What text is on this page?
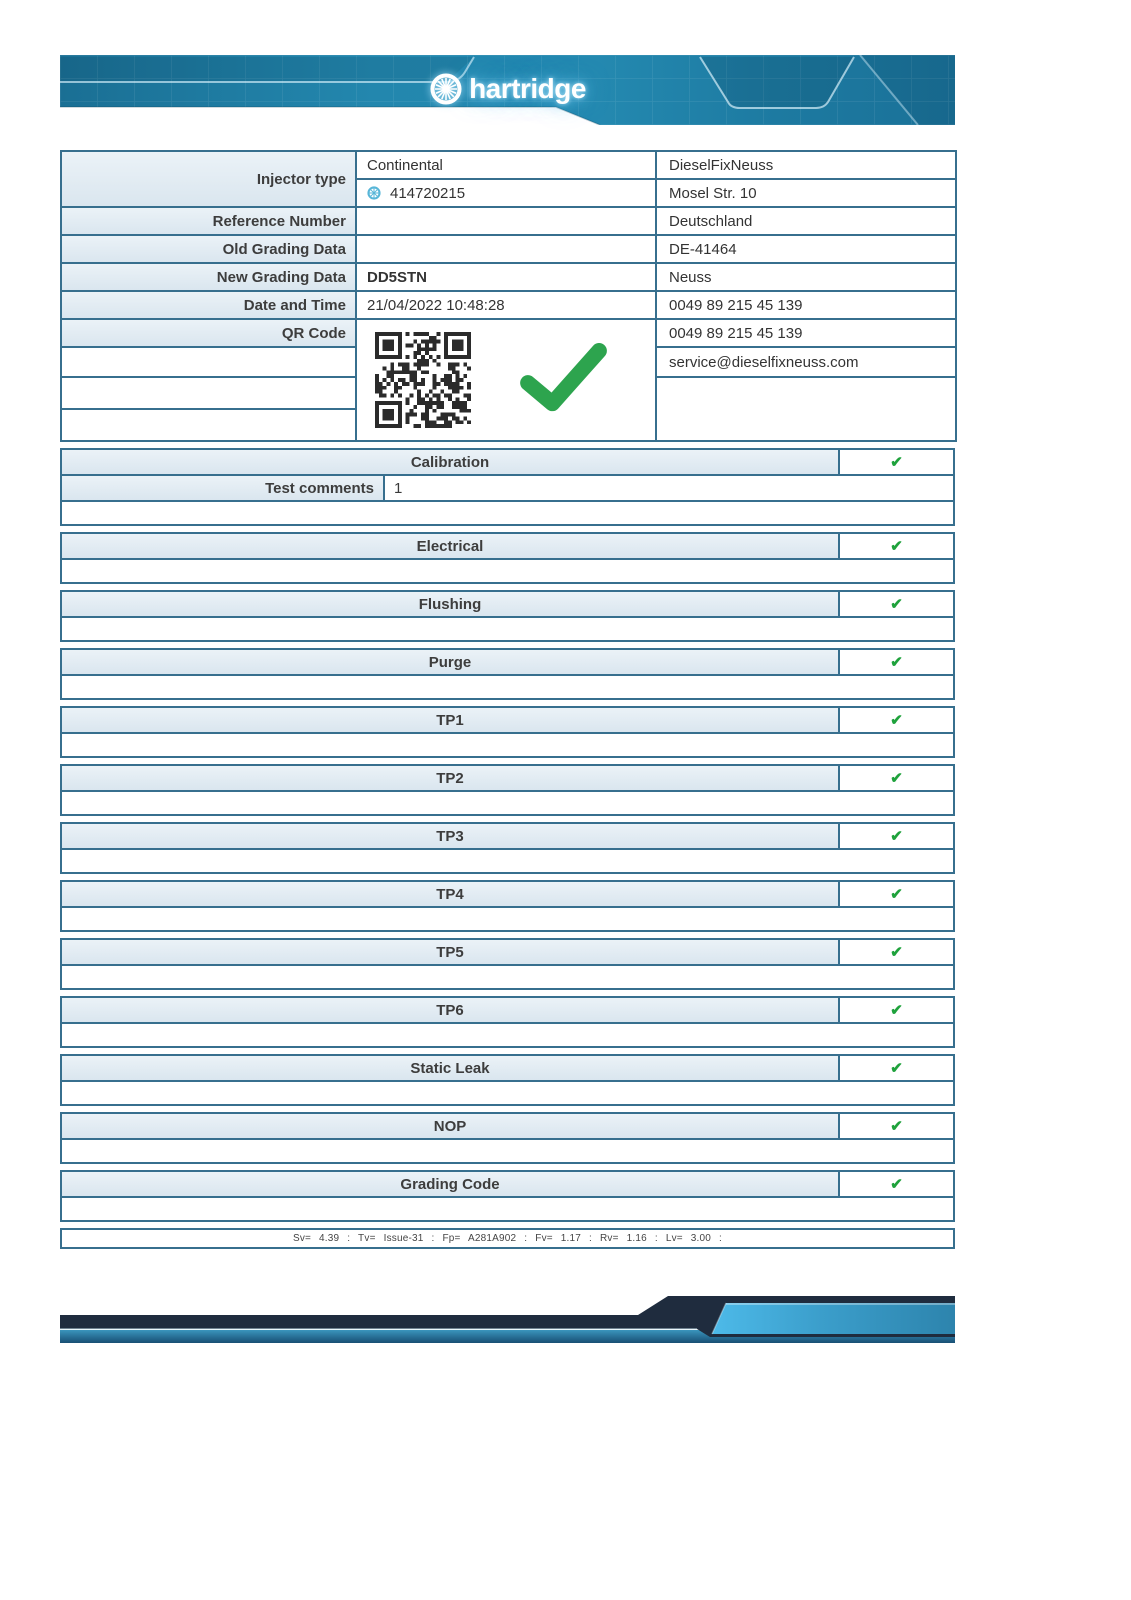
hartridge
Injector type	Continental	DieselFixNeuss

	414720215	Mosel Str. 10
Reference Number		Deutschland
Old Grading Data		DE-41464
New Grading Data	DD5STN	Neuss
Date and Time	21/04/2022 10:48:28	0049 89 215 45 139
QR Code		0049 89 215 45 139
		service@dieselfixneuss.com

Calibration	✔
Test comments	1
Electrical	✔
Flushing	✔
Purge	✔
TP1	✔
TP2	✔
TP3	✔
TP4	✔
TP5	✔
TP6	✔
Static Leak	✔
NOP	✔
Grading Code	✔
Sv= 4.39 : Tv= Issue-31 : Fp= A281A902 : Fv= 1.17 : Rv= 1.16 : Lv= 3.00 :
